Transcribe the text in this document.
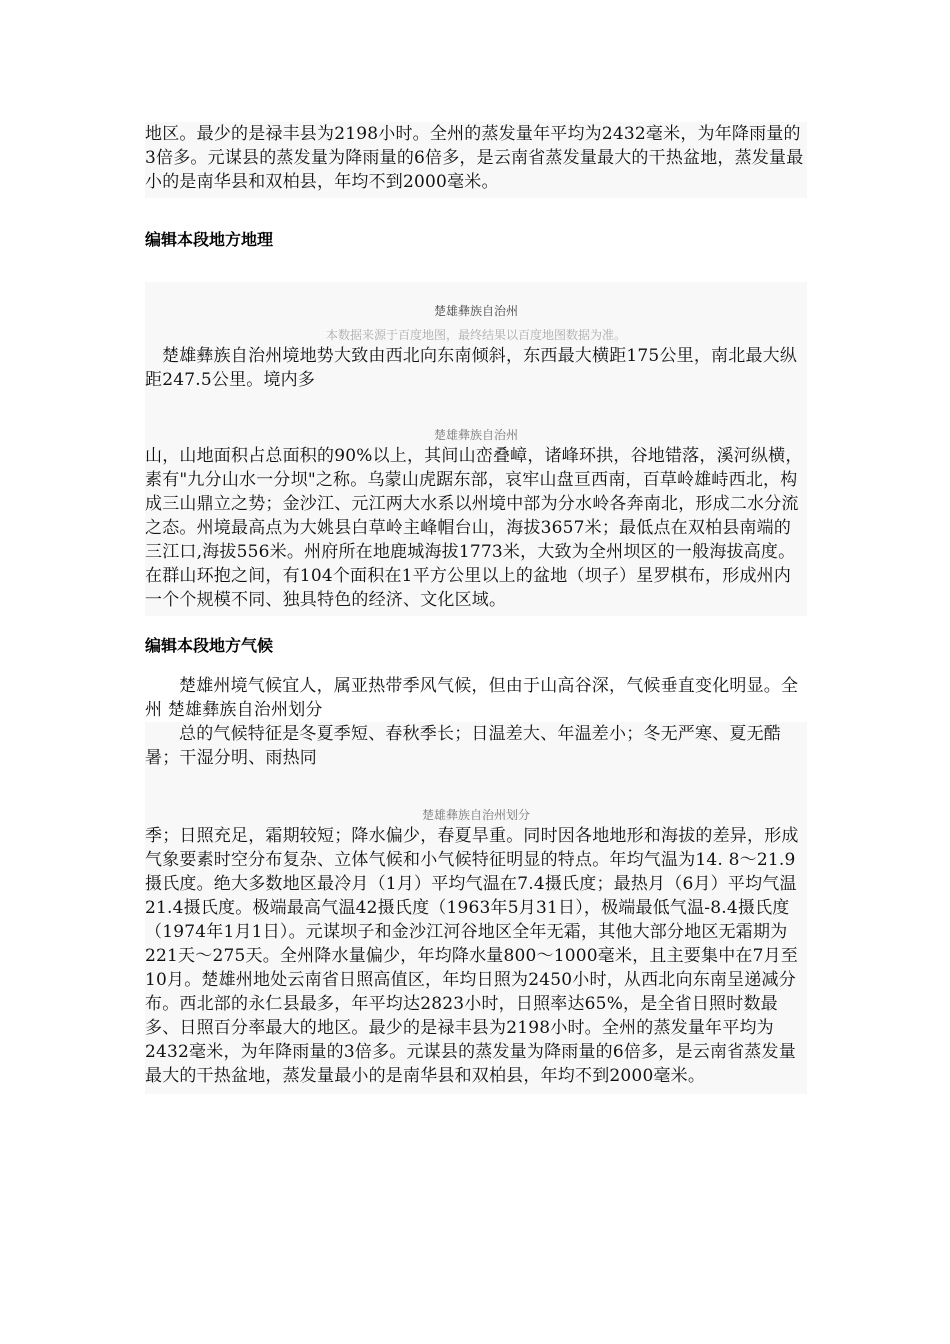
地区。最少的是禄丰县为2198小时。全州的蒸发量年平均为2432毫米，为年降雨量的3倍多。元谋县的蒸发量为降雨量的6倍多，是云南省蒸发量最大的干热盆地，蒸发量最小的是南华县和双柏县，年均不到2000毫米。

编辑本段地方地理
楚雄彝族自治州
本数据来源于百度地图，最终结果以百度地图数据为准。

楚雄彝族自治州境地势大致由西北向东南倾斜，东西最大横距175公里，南北最大纵距247.5公里。境内多

楚雄彝族自治州

山，山地面积占总面积的90%以上，其间山峦叠嶂，诸峰环拱，谷地错落，溪河纵横，素有"九分山水一分坝"之称。乌蒙山虎踞东部，哀牢山盘亘西南，百草岭雄峙西北，构成三山鼎立之势；金沙江、元江两大水系以州境中部为分水岭各奔南北，形成二水分流之态。州境最高点为大姚县白草岭主峰帽台山，海拔3657米；最低点在双柏县南端的三江口,海拔556米。州府所在地鹿城海拔1773米，大致为全州坝区的一般海拔高度。在群山环抱之间，有104个面积在1平方公里以上的盆地（坝子）星罗棋布，形成州内一个个规模不同、独具特色的经济、文化区域。

编辑本段地方气候

楚雄州境气候宜人，属亚热带季风气候，但由于山高谷深，气候垂直变化明显。全州 楚雄彝族自治州划分

总的气候特征是冬夏季短、春秋季长；日温差大、年温差小；冬无严寒、夏无酷暑；干湿分明、雨热同

楚雄彝族自治州划分

季；日照充足，霜期较短；降水偏少，春夏旱重。同时因各地地形和海拔的差异，形成气象要素时空分布复杂、立体气候和小气候特征明显的特点。年均气温为14. 8～21.9 摄氏度。绝大多数地区最冷月（1月）平均气温在7.4摄氏度；最热月（6月）平均气温21.4摄氏度。极端最高气温42摄氏度（1963年5月31日），极端最低气温-8.4摄氏度（1974年1月1日）。元谋坝子和金沙江河谷地区全年无霜，其他大部分地区无霜期为221天～275天。全州降水量偏少，年均降水量800～1000毫米，且主要集中在7月至10月。楚雄州地处云南省日照高值区，年均日照为2450小时，从西北向东南呈递减分布。西北部的永仁县最多，年平均达2823小时，日照率达65%，是全省日照时数最多、日照百分率最大的地区。最少的是禄丰县为2198小时。全州的蒸发量年平均为2432毫米，为年降雨量的3倍多。元谋县的蒸发量为降雨量的6倍多，是云南省蒸发量最大的干热盆地，蒸发量最小的是南华县和双柏县，年均不到2000毫米。
